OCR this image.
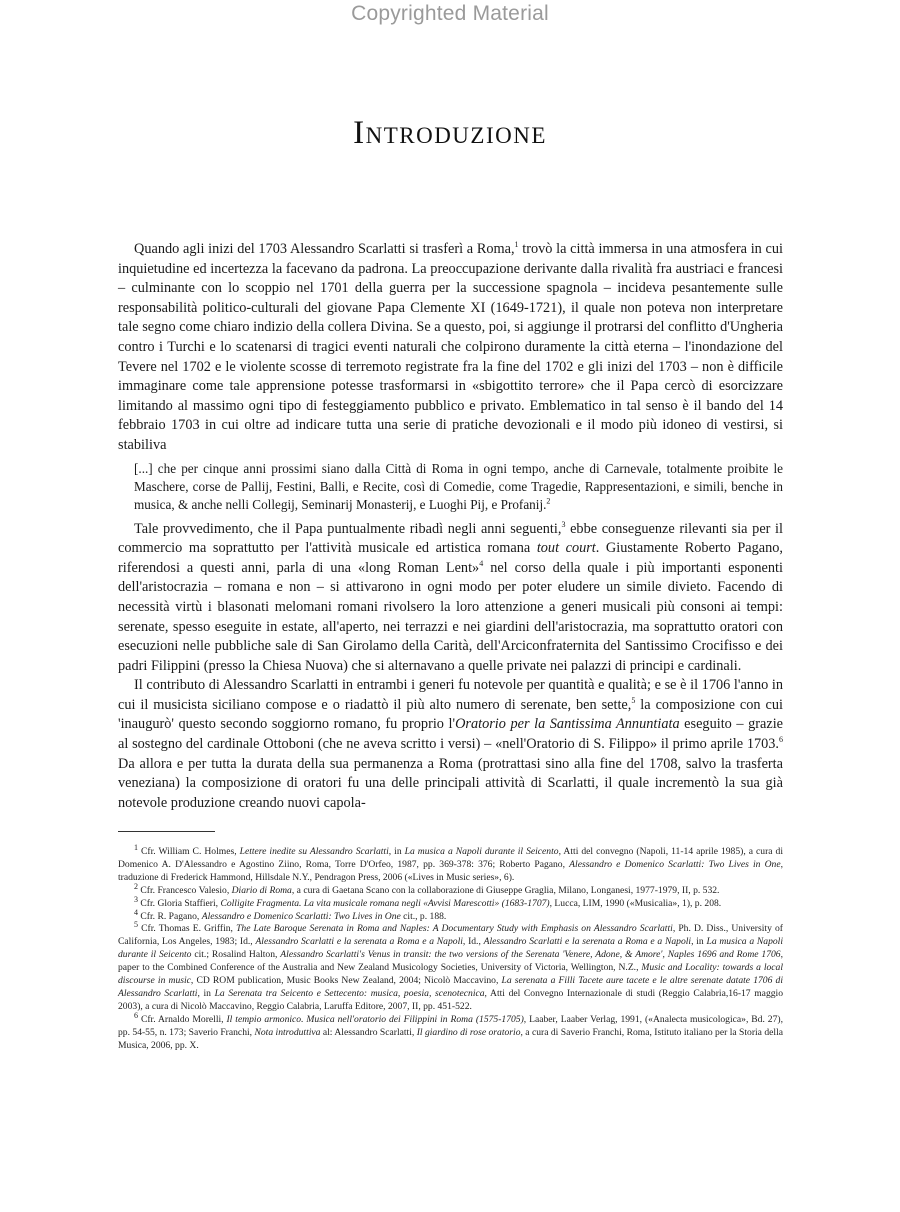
Copyrighted Material
Introduzione

Quando agli inizi del 1703 Alessandro Scarlatti si trasferì a Roma,$^1$ trovò la città immersa in una atmosfera in cui inquietudine ed incertezza la facevano da padrona. La preoccupazione derivante dalla rivalità fra austriaci e francesi – culminante con lo scoppio nel 1701 della guerra per la successione spagnola – incideva pesantemente sulle responsabilità politico-culturali del giovane Papa Clemente XI (1649-1721), il quale non poteva non interpretare tale segno come chiaro indizio della collera Divina. Se a questo, poi, si aggiunge il protrarsi del conflitto d'Ungheria contro i Turchi e lo scatenarsi di tragici eventi naturali che colpirono duramente la città eterna – l'inondazione del Tevere nel 1702 e le violente scosse di terremoto registrate fra la fine del 1702 e gli inizi del 1703 – non è difficile immaginare come tale apprensione potesse trasformarsi in «sbigottito terrore» che il Papa cercò di esorcizzare limitando al massimo ogni tipo di festeggiamento pubblico e privato. Emblematico in tal senso è il bando del 14 febbraio 1703 in cui oltre ad indicare tutta una serie di pratiche devozionali e il modo più idoneo di vestirsi, si stabiliva

[...] che per cinque anni prossimi siano dalla Città di Roma in ogni tempo, anche di Carnevale, totalmente proibite le Maschere, corse de Pallij, Festini, Balli, e Recite, così di Comedie, come Tragedie, Rappresentazioni, e simili, benche in musica, & anche nelli Collegij, Seminarij Monasterij, e Luoghi Pij, e Profanij.$^2$

Tale provvedimento, che il Papa puntualmente ribadì negli anni seguenti,$^3$ ebbe conseguenze rilevanti sia per il commercio ma soprattutto per l'attività musicale ed artistica romana tout court. Giustamente Roberto Pagano, riferendosi a questi anni, parla di una «long Roman Lent»$^4$ nel corso della quale i più importanti esponenti dell'aristocrazia – romana e non – si attivarono in ogni modo per poter eludere un simile divieto. Facendo di necessità virtù i blasonati melomani romani rivolsero la loro attenzione a generi musicali più consoni ai tempi: serenate, spesso eseguite in estate, all'aperto, nei terrazzi e nei giardini dell'aristocrazia, ma soprattutto oratori con esecuzioni nelle pubbliche sale di San Girolamo della Carità, dell'Arciconfraternita del Santissimo Crocifisso e dei padri Filippini (presso la Chiesa Nuova) che si alternavano a quelle private nei palazzi di principi e cardinali.

Il contributo di Alessandro Scarlatti in entrambi i generi fu notevole per quantità e qualità; e se è il 1706 l'anno in cui il musicista siciliano compose e o riadattò il più alto numero di serenate, ben sette,$^5$ la composizione con cui 'inaugurò' questo secondo soggiorno romano, fu proprio l'Oratorio per la Santissima Annuntiata eseguito – grazie al sostegno del cardinale Ottoboni (che ne aveva scritto i versi) – «nell'Oratorio di S. Filippo» il primo aprile 1703.$^6$ Da allora e per tutta la durata della sua permanenza a Roma (protrattasi sino alla fine del 1708, salvo la trasferta veneziana) la composizione di oratori fu una delle principali attività di Scarlatti, il quale incrementò la sua già notevole produzione creando nuovi capola-

$^1$ Cfr. William C. Holmes, Lettere inedite su Alessandro Scarlatti, in La musica a Napoli durante il Seicento, Atti del convegno (Napoli, 11-14 aprile 1985), a cura di Domenico A. D'Alessandro e Agostino Ziino, Roma, Torre D'Orfeo, 1987, pp. 369-378: 376; Roberto Pagano, Alessandro e Domenico Scarlatti: Two Lives in One, traduzione di Frederick Hammond, Hillsdale N.Y., Pendragon Press, 2006 («Lives in Music series», 6).

$^2$ Cfr. Francesco Valesio, Diario di Roma, a cura di Gaetana Scano con la collaborazione di Giuseppe Graglia, Milano, Longanesi, 1977-1979, II, p. 532.

$^3$ Cfr. Gloria Staffieri, Colligite Fragmenta. La vita musicale romana negli «Avvisi Marescotti» (1683-1707), Lucca, LIM, 1990 («Musicalia», 1), p. 208.

$^4$ Cfr. R. Pagano, Alessandro e Domenico Scarlatti: Two Lives in One cit., p. 188.

$^5$ Cfr. Thomas E. Griffin, The Late Baroque Serenata in Roma and Naples: A Documentary Study with Emphasis on Alessandro Scarlatti, Ph. D. Diss., University of California, Los Angeles, 1983; Id., Alessandro Scarlatti e la serenata a Roma e a Napoli, Id., Alessandro Scarlatti e la serenata a Roma e a Napoli, in La musica a Napoli durante il Seicento cit.; Rosalind Halton, Alessandro Scarlatti's Venus in transit: the two versions of the Serenata 'Venere, Adone, & Amore', Naples 1696 and Rome 1706, paper to the Combined Conference of the Australia and New Zealand Musicology Societies, University of Victoria, Wellington, N.Z., Music and Locality: towards a local discourse in music, CD ROM publication, Music Books New Zealand, 2004; Nicolò Maccavino, La serenata a Filli Tacete aure tacete e le altre serenate datate 1706 di Alessandro Scarlatti, in La Serenata tra Seicento e Settecento: musica, poesia, scenotecnica, Atti del Convegno Internazionale di studi (Reggio Calabria,16-17 maggio 2003), a cura di Nicolò Maccavino, Reggio Calabria, Laruffa Editore, 2007, II, pp. 451-522.

$^6$ Cfr. Arnaldo Morelli, Il tempio armonico. Musica nell'oratorio dei Filippini in Roma (1575-1705), Laaber, Laaber Verlag, 1991, («Analecta musicologica», Bd. 27), pp. 54-55, n. 173; Saverio Franchi, Nota introduttiva al: Alessandro Scarlatti, Il giardino di rose oratorio, a cura di Saverio Franchi, Roma, Istituto italiano per la Storia della Musica, 2006, pp. X.
